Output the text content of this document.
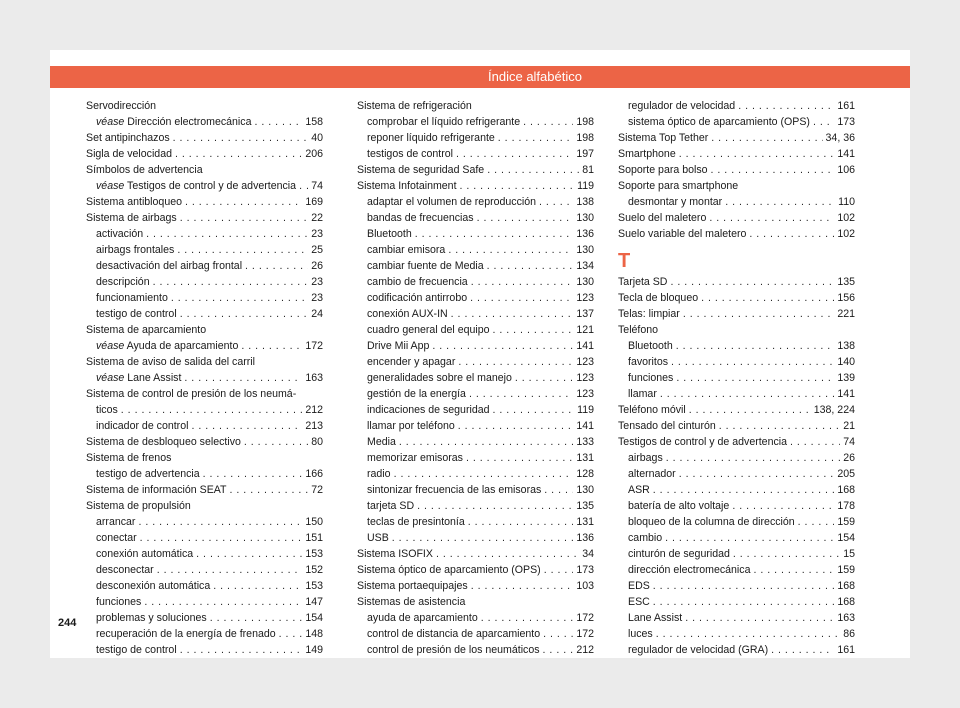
Índice alfabético
Servodirección
véase Dirección electromecánica . . .	158
Set antipinchazos . . .	40
Sigla de velocidad . . .	206
Símbolos de advertencia
véase Testigos de control y de advertencia . . . 74
Sistema antibloqueo . . .	169
Sistema de airbags . . .	22
activación . . .	23
airbags frontales . . .	25
desactivación del airbag frontal . . .	26
descripción . . .	23
funcionamiento . . .	23
testigo de control . . .	24
Sistema de aparcamiento
véase Ayuda de aparcamiento . . .	172
Sistema de aviso de salida del carril
véase Lane Assist . . .	163
Sistema de control de presión de los neumá-
ticos . . .	212
indicador de control . . .	213
Sistema de desbloqueo selectivo . . .	80
Sistema de frenos
testigo de advertencia . . .	166
Sistema de información SEAT . . .	72
Sistema de propulsión
arrancar . . .	150
conectar . . .	151
conexión automática . . .	153
desconectar . . .	152
desconexión automática . . .	153
funciones . . .	147
problemas y soluciones . . .	154
recuperación de la energía de frenado . . .	148
testigo de control . . .	149
Sistema de refrigeración
comprobar el líquido refrigerante . . .	198
reponer líquido refrigerante . . .	198
testigos de control . . .	197
Sistema de seguridad Safe . . .	81
Sistema Infotainment . . .	119
adaptar el volumen de reproducción . . .	138
bandas de frecuencias . . .	130
Bluetooth . . .	136
cambiar emisora . . .	130
cambiar fuente de Media . . .	134
cambio de frecuencia . . .	130
codificación antirrobo . . .	123
conexión AUX-IN . . .	137
cuadro general del equipo . . .	121
Drive Mii App . . .	141
encender y apagar . . .	123
generalidades sobre el manejo . . .	123
gestión de la energía . . .	123
indicaciones de seguridad . . .	119
llamar por teléfono . . .	141
Media . . .	133
memorizar emisoras . . .	131
radio . . .	128
sintonizar frecuencia de las emisoras . . .	130
tarjeta SD . . .	135
teclas de presintonía . . .	131
USB . . .	136
Sistema ISOFIX . . .	34
Sistema óptico de aparcamiento (OPS) . . .	173
Sistema portaequipajes . . .	103
Sistemas de asistencia
ayuda de aparcamiento . . .	172
control de distancia de aparcamiento . . .	172
control de presión de los neumáticos . . .	212
regulador de velocidad . . .	161
sistema óptico de aparcamiento (OPS) . . .	173
Sistema Top Tether . . .	34, 36
Smartphone . . .	141
Soporte para bolso . . .	106
Soporte para smartphone
desmontar y montar . . .	110
Suelo del maletero . . .	102
Suelo variable del maletero . . .	102
T
Tarjeta SD . . .	135
Tecla de bloqueo . . .	156
Telas: limpiar . . .	221
Teléfono
Bluetooth . . .	138
favoritos . . .	140
funciones . . .	139
llamar . . .	141
Teléfono móvil . . .	138, 224
Tensado del cinturón . . .	21
Testigos de control y de advertencia . . .	74
airbags . . .	26
alternador . . .	205
ASR . . .	168
batería de alto voltaje . . .	178
bloqueo de la columna de dirección . . .	159
cambio . . .	154
cinturón de seguridad . . .	15
dirección electromecánica . . .	159
EDS . . .	168
ESC . . .	168
Lane Assist . . .	163
luces . . .	86
regulador de velocidad (GRA) . . .	161
244
